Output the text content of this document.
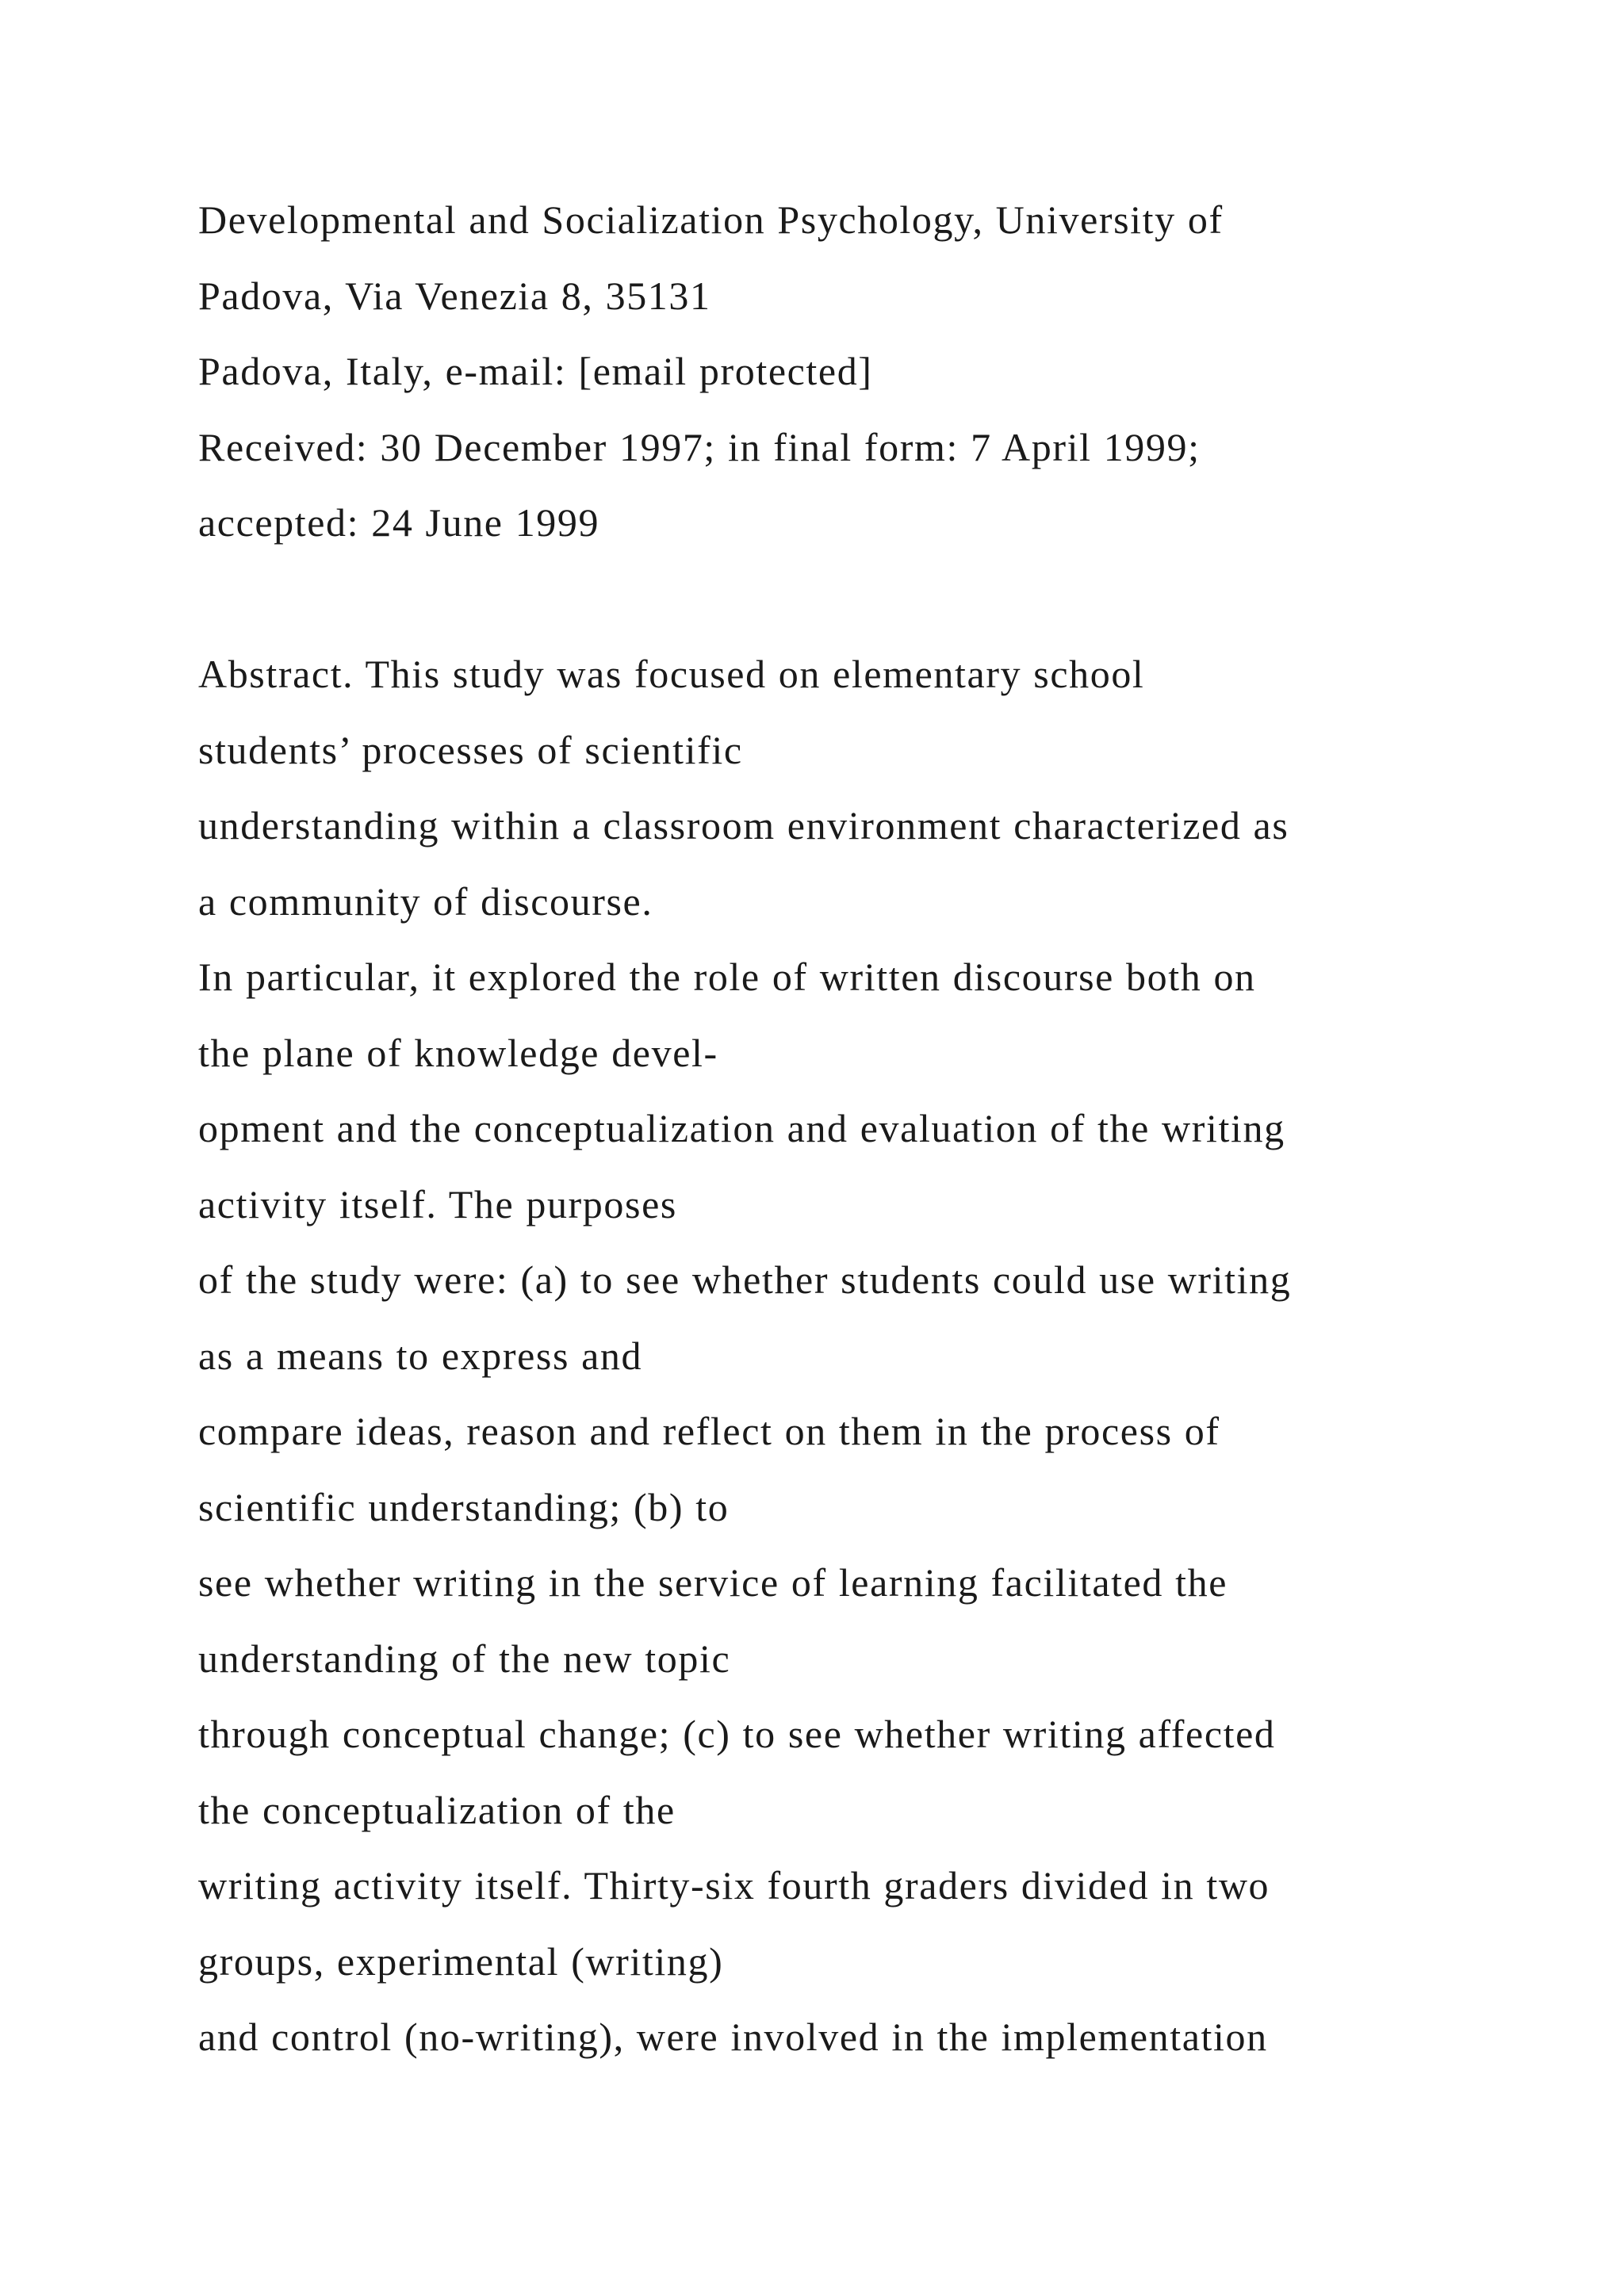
Developmental and Socialization Psychology, University of
Padova, Via Venezia 8, 35131
Padova, Italy, e-mail: [email protected]
Received: 30 December 1997; in final form: 7 April 1999;
accepted: 24 June 1999
Abstract. This study was focused on elementary school
students’ processes of scientific
understanding within a classroom environment characterized as
a community of discourse.
In particular, it explored the role of written discourse both on
the plane of knowledge devel-
opment and the conceptualization and evaluation of the writing
activity itself. The purposes
of the study were: (a) to see whether students could use writing
as a means to express and
compare ideas, reason and reflect on them in the process of
scientific understanding; (b) to
see whether writing in the service of learning facilitated the
understanding of the new topic
through conceptual change; (c) to see whether writing affected
the conceptualization of the
writing activity itself. Thirty-six fourth graders divided in two
groups, experimental (writing)
and control (no-writing), were involved in the implementation
